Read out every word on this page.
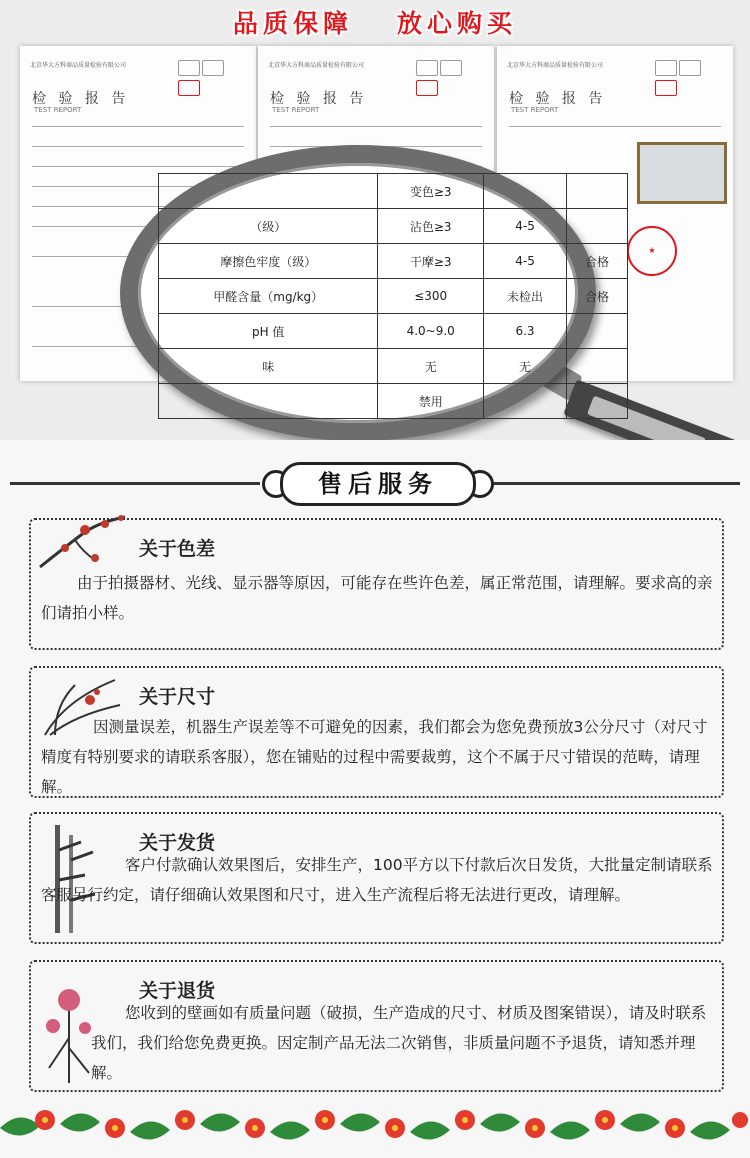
品质保障 放心购买
北京华大方科商品质量检验有限公司
检 验 报 告
TEST REPORT
北京华大方科商品质量检验有限公司
检 验 报 告
TEST REPORT
北京华大方科商品质量检验有限公司
检 验 报 告
TEST REPORT
★
	变色≥3		
（级）	沾色≥3	4-5	
摩擦色牢度（级）	干摩≥3	4-5	合格
甲醛含量（mg/kg）	≤300	未检出	合格
pH 值	4.0~9.0	6.3	
味	无	无	
	禁用		
售后服务
关于色差
由于拍摄器材、光线、显示器等原因，可能存在些许色差，属正常范围，请理解。要求高的亲们请拍小样。
关于尺寸
因测量误差，机器生产误差等不可避免的因素，我们都会为您免费预放3公分尺寸（对尺寸精度有特别要求的请联系客服），您在铺贴的过程中需要裁剪，这个不属于尺寸错误的范畴，请理解。
关于发货
客户付款确认效果图后，安排生产，100平方以下付款后次日发货，大批量定制请联系客服另行约定，请仔细确认效果图和尺寸，进入生产流程后将无法进行更改，请理解。
关于退货
您收到的壁画如有质量问题（破损，生产造成的尺寸、材质及图案错误），请及时联系我们，我们给您免费更换。因定制产品无法二次销售，非质量问题不予退货，请知悉并理解。
